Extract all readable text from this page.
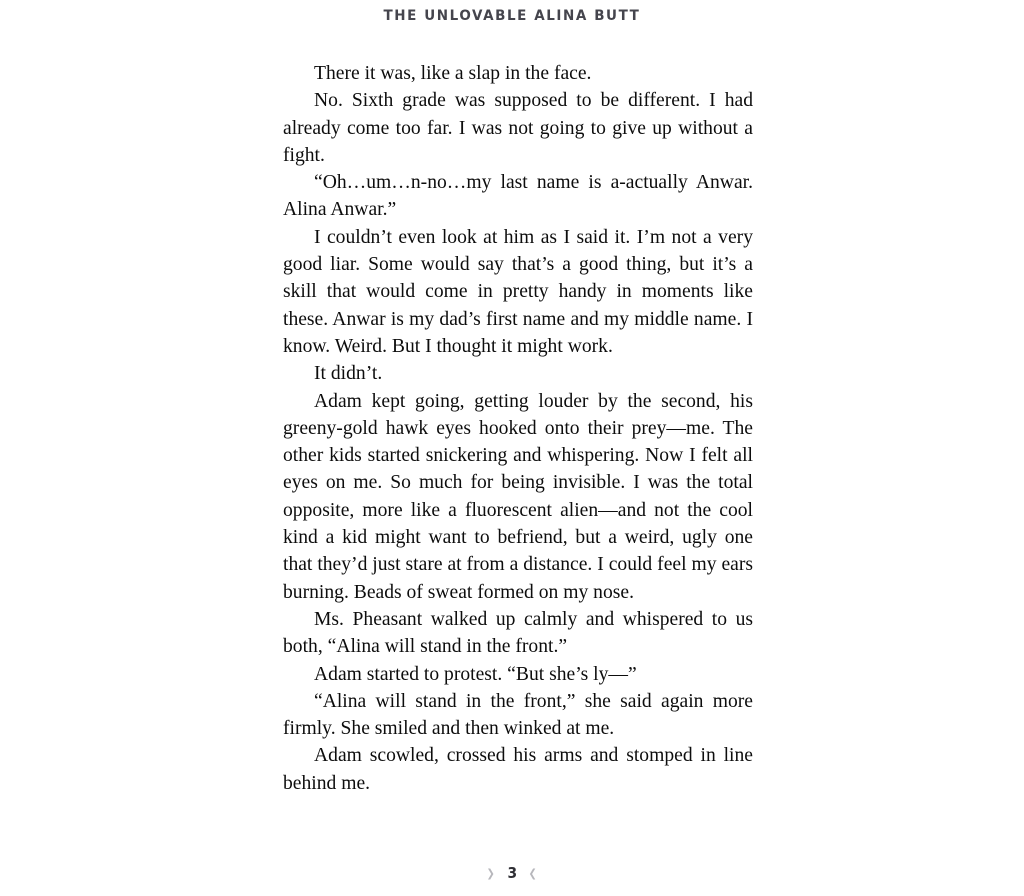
THE UNLOVABLE ALINA BUTT

There it was, like a slap in the face.

No. Sixth grade was supposed to be different. I had already come too far. I was not going to give up without a fight.

“Oh…um…n-no…my last name is a-actually Anwar. Alina Anwar.”

I couldn’t even look at him as I said it. I’m not a very good liar. Some would say that’s a good thing, but it’s a skill that would come in pretty handy in moments like these. Anwar is my dad’s first name and my middle name. I know. Weird. But I thought it might work.

It didn’t.

Adam kept going, getting louder by the second, his greeny-gold hawk eyes hooked onto their prey—me. The other kids started snickering and whispering. Now I felt all eyes on me. So much for being invisible. I was the total opposite, more like a fluorescent alien—and not the cool kind a kid might want to befriend, but a weird, ugly one that they’d just stare at from a distance. I could feel my ears burning. Beads of sweat formed on my nose.

Ms. Pheasant walked up calmly and whispered to us both, “Alina will stand in the front.”

Adam started to protest. “But she’s ly—”

“Alina will stand in the front,” she said again more firmly. She smiled and then winked at me.

Adam scowled, crossed his arms and stomped in line behind me.

❯ 3 ❮
